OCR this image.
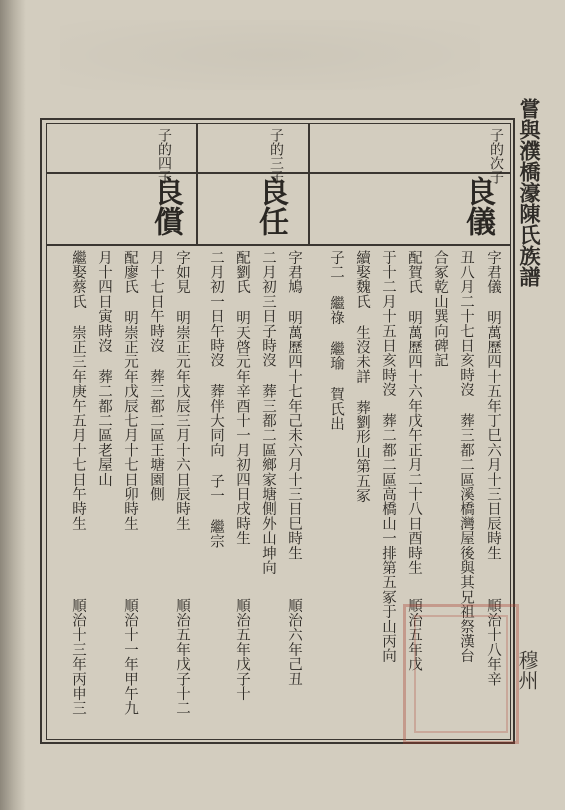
嘗與濮橋濠陳氏族譜
穆州
子的次子
子的三子
子的四子
良儀
良任
良償
字君儀 明萬歷四十五年丁巳六月十三日辰時生
丑八月二十七日亥時沒 葬三都二區溪橋灣屋後與其兄祖祭漢台
合冢乾山巽向碑記
配賀氏 明萬歷四十六年戊午正月二十八日酉時生
于十二月十五日亥時沒 葬二都二區高橋山一排第五冢于山丙向
續娶魏氏 生沒未詳 葬劉形山第五冢
子二 繼祿 繼瑜 賀氏出
字君鳩 明萬歷四十七年己未六月十三日巳時生
二月初三日子時沒 葬三都二區鄉家塘側外山坤向
配劉氏 明天啓元年辛酉十一月初四日戌時生
二月初一日午時沒 葬伴大同向 子一 繼宗
字如見 明崇正元年戊辰三月十六日辰時生
月十七日午時沒 葬三都二區王塘園側
配廖氏 明崇正元年戊辰七月十七日卯時生
月十四日寅時沒 葬二都二區老屋山
繼娶蔡氏 崇正三年庚午五月十七日午時生
順治十八年辛
順治五年戊
順治六年己丑
順治五年戊子十
順治五年戊子十二
順治十一年甲午九
順治十三年丙申三
